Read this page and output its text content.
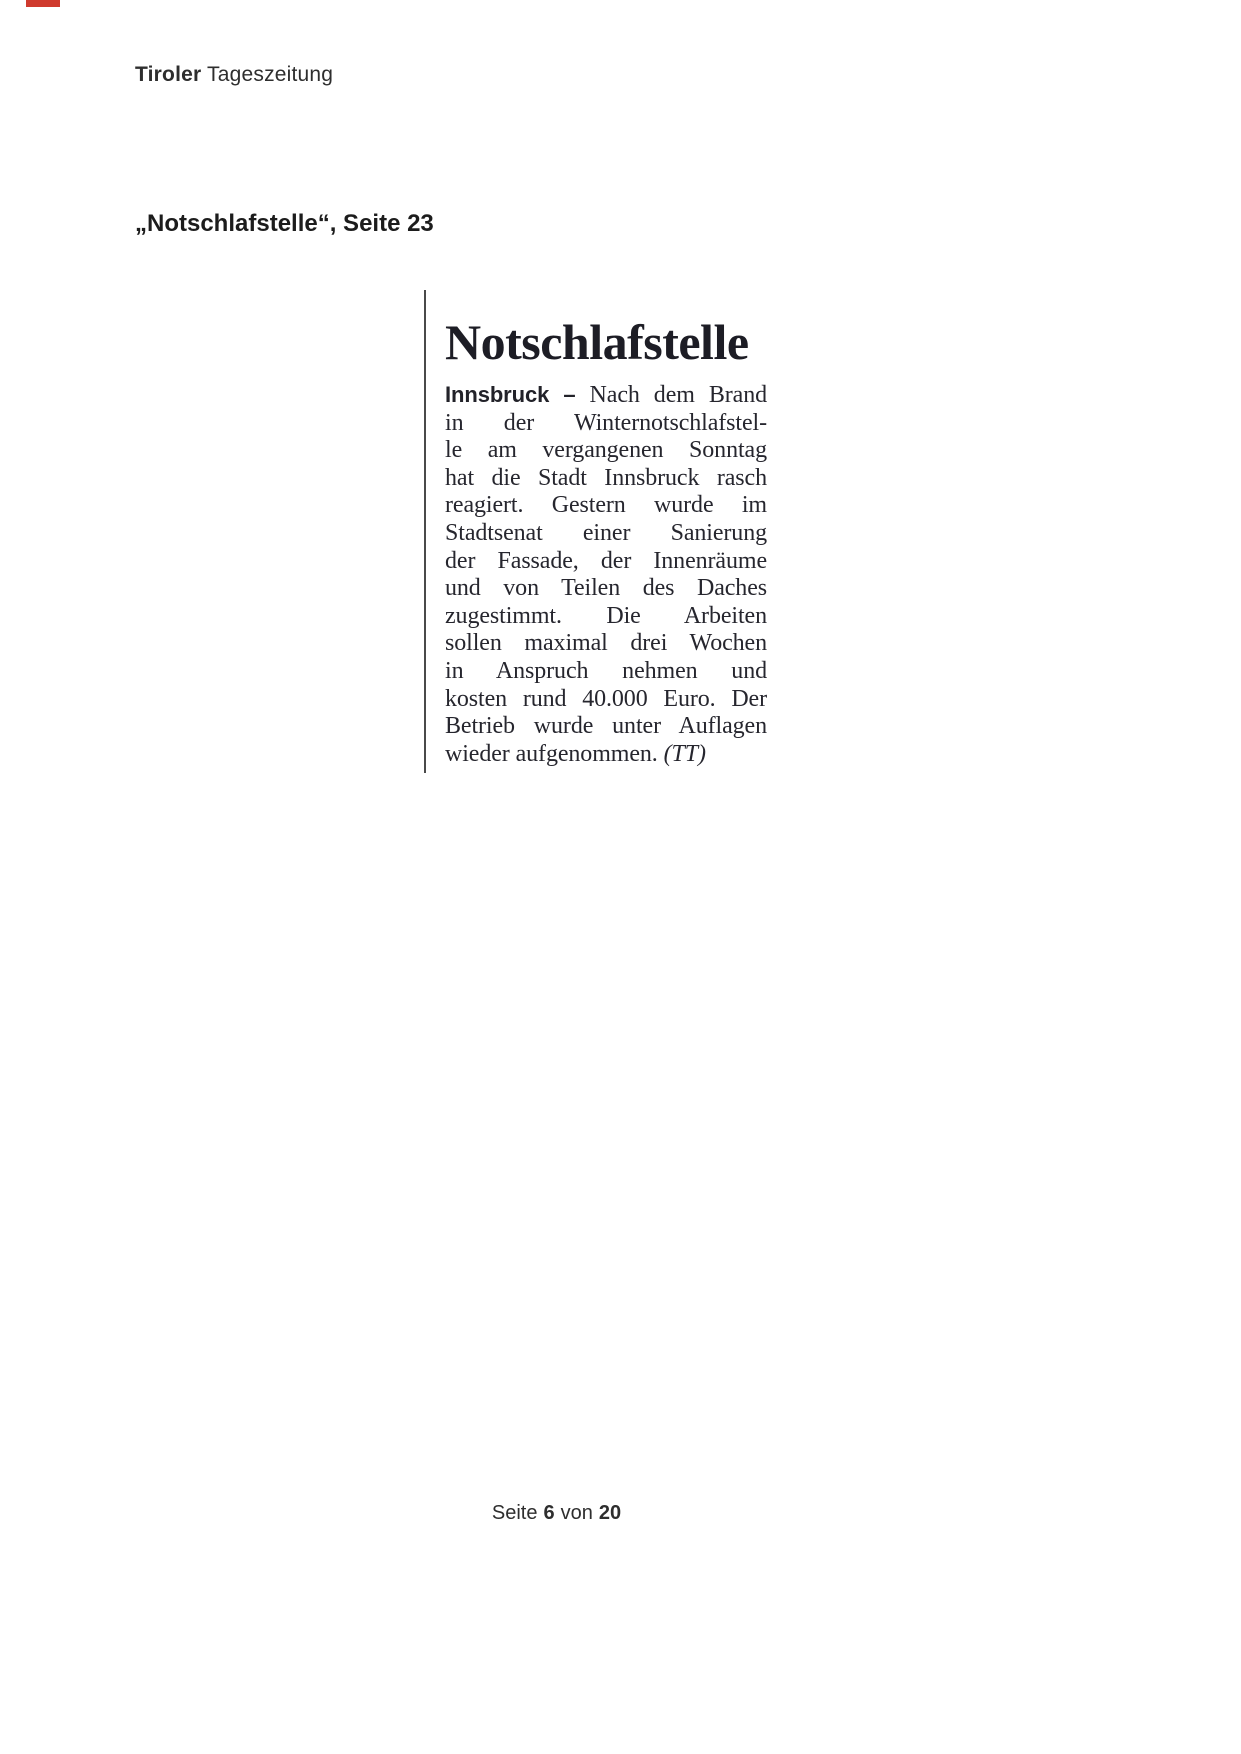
Tiroler Tageszeitung
„Notschlafstelle“, Seite 23
Notschlafstelle
Innsbruck – Nach dem Brand
in der Winternotschlafstel-
le am vergangenen Sonntag
hat die Stadt Innsbruck rasch
reagiert. Gestern wurde im
Stadtsenat einer Sanierung
der Fassade, der Innenräume
und von Teilen des Daches
zugestimmt. Die Arbeiten
sollen maximal drei Wochen
in Anspruch nehmen und
kosten rund 40.000 Euro. Der
Betrieb wurde unter Auflagen
wieder aufgenommen. (TT)
Seite 6 von 20
